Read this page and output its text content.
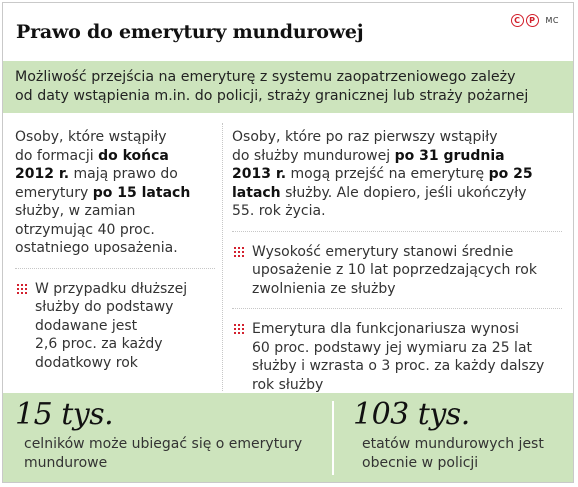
Prawo do emerytury mundurowej
C	P	MC
Możliwość przejścia na emeryturę z systemu zaopatrzeniowego zależy
od daty wstąpienia m.in. do policji, straży granicznej lub straży pożarnej

Osoby, które wstąpiły
do formacji do końca
2012 r. mają prawo do
emerytury po 15 latach
służby, w zamian
otrzymując 40 proc.
ostatniego uposażenia.

W przypadku dłuższej
służby do podstawy
dodawane jest
2,6 proc. za każdy
dodatkowy rok

Osoby, które po raz pierwszy wstąpiły
do służby mundurowej po 31 grudnia
2013 r. mogą przejść na emeryturę po 25
latach służby. Ale dopiero, jeśli ukończyły
55. rok życia.

Wysokość emerytury stanowi średnie
uposażenie z 10 lat poprzedzających rok
zwolnienia ze służby
Emerytura dla funkcjonariusza wynosi
60 proc. podstawy jej wymiaru za 25 lat
służby i wzrasta o 3 proc. za każdy dalszy
rok służby
15 tys.
celników może ubiegać się o emerytury
mundurowe
103 tys.
etatów mundurowych jest
obecnie w policji
